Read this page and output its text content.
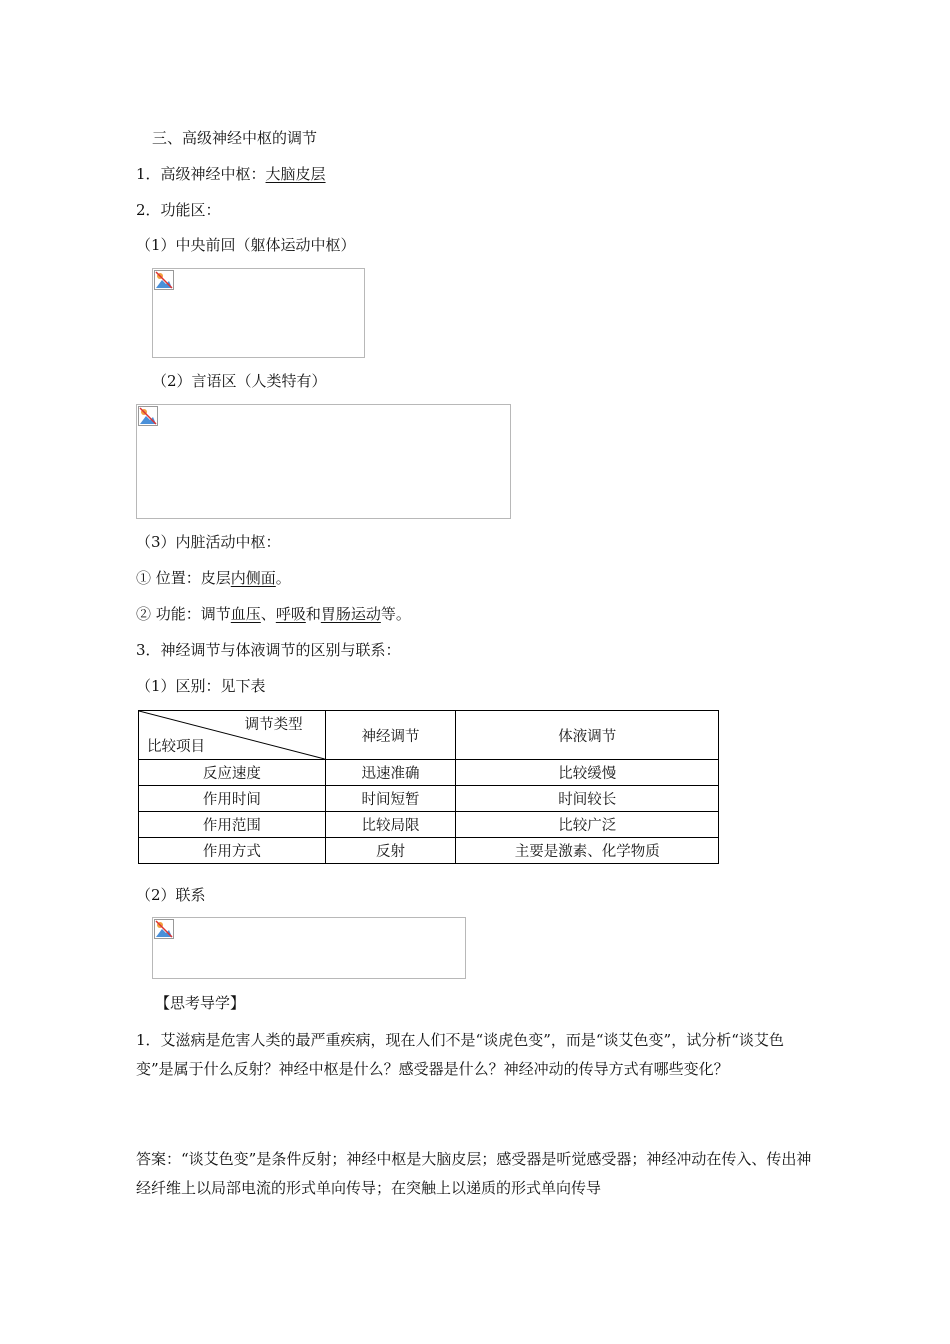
三、高级神经中枢的调节
1．高级神经中枢：大脑皮层
2．功能区：
（1）中央前回（躯体运动中枢）
（2）言语区（人类特有）
（3）内脏活动中枢：
① 位置：皮层内侧面。
② 功能：调节血压、呼吸和胃肠运动等。
3．神经调节与体液调节的区别与联系：
（1）区别：见下表
调节类型
比较项目	神经调节	体液调节
反应速度	迅速准确	比较缓慢
作用时间	时间短暂	时间较长
作用范围	比较局限	比较广泛
作用方式	反射	主要是激素、化学物质
（2）联系
【思考导学】
1．艾滋病是危害人类的最严重疾病，现在人们不是“谈虎色变”，而是“谈艾色变”，试分析“谈艾色变”是属于什么反射？神经中枢是什么？感受器是什么？神经冲动的传导方式有哪些变化？
答案：“谈艾色变”是条件反射；神经中枢是大脑皮层；感受器是听觉感受器；神经冲动在传入、传出神经纤维上以局部电流的形式单向传导；在突触上以递质的形式单向传导
